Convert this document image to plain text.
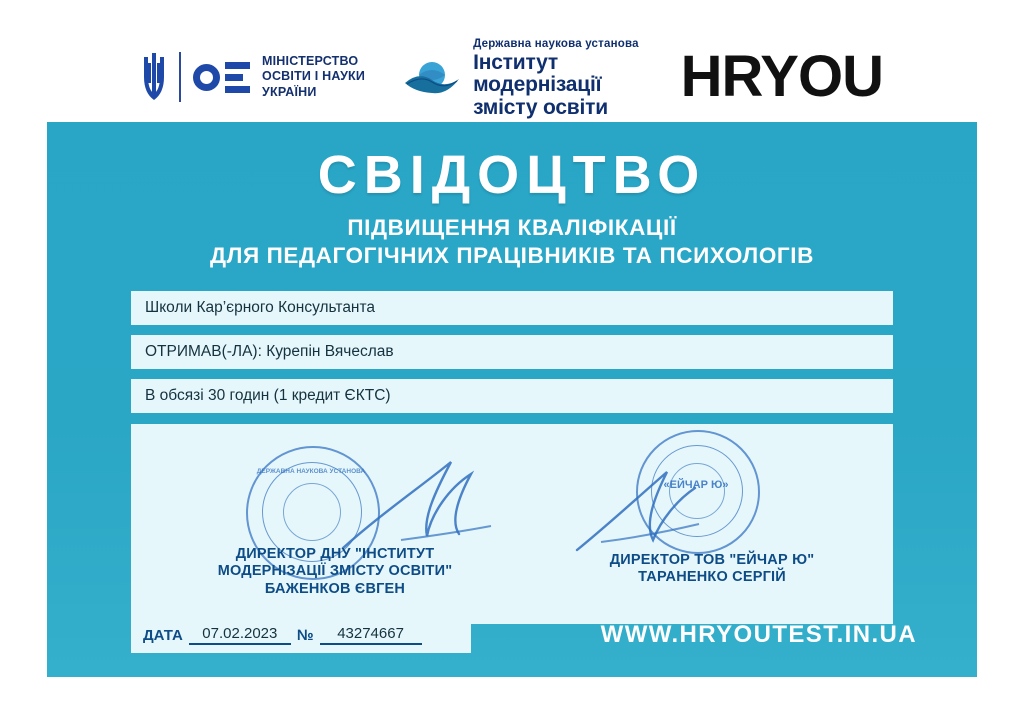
МІНІСТЕРСТВО
ОСВІТИ І НАУКИ
УКРАЇНИ
Державна наукова установа
Інститут
модернізації
змісту освіти	HRYOU
СВІДОЦТВО
ПІДВИЩЕННЯ КВАЛІФІКАЦІЇ
ДЛЯ ПЕДАГОГІЧНИХ ПРАЦІВНИКІВ ТА ПСИХОЛОГІВ
Школи Кар’єрного Консультанта
ОТРИМАВ(-ЛА): Курепін Вячеслав
В обсязі 30 годин (1 кредит ЄКТС)
ДЕРЖАВНА НАУКОВА УСТАНОВА
ДИРЕКТОР ДНУ "ІНСТИТУТ
МОДЕРНІЗАЦІЇ ЗМІСТУ ОСВІТИ"
БАЖЕНКОВ ЄВГЕН
«ЕЙЧАР Ю»
ДИРЕКТОР ТОВ "ЕЙЧАР Ю"
ТАРАНЕНКО СЕРГІЙ
ДАТА	07.02.2023	№	43274667	WWW.HRYOUTEST.IN.UA
